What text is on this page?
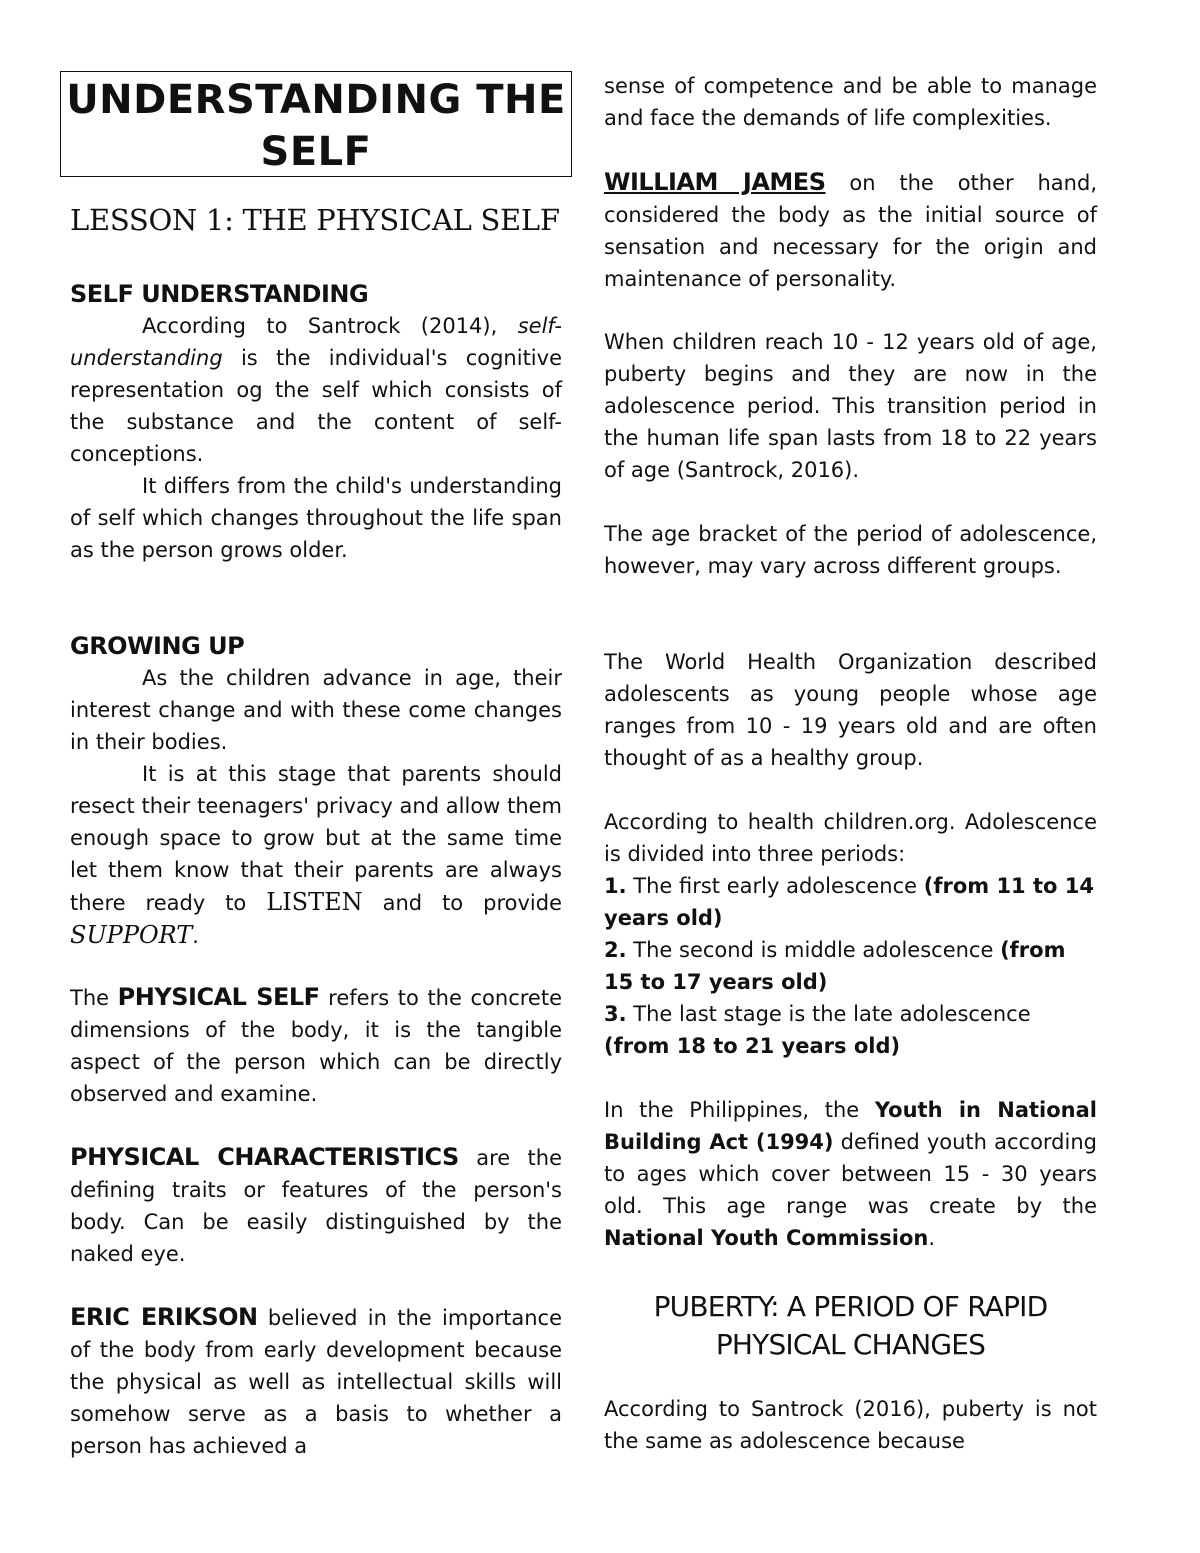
UNDERSTANDING THE SELF
LESSON 1: THE PHYSICAL SELF
SELF UNDERSTANDING

According to Santrock (2014), self-understanding is the individual's cognitive representation og the self which consists of the substance and the content of self-conceptions.

It differs from the child's understanding of self which changes throughout the life span as the person grows older.

GROWING UP

As the children advance in age, their interest change and with these come changes in their bodies.

It is at this stage that parents should resect their teenagers' privacy and allow them enough space to grow but at the same time let them know that their parents are always there ready to LISTEN and to provide SUPPORT.

The PHYSICAL SELF refers to the concrete dimensions of the body, it is the tangible aspect of the person which can be directly observed and examine.

PHYSICAL CHARACTERISTICS are the defining traits or features of the person's body. Can be easily distinguished by the naked eye.

ERIC ERIKSON believed in the importance of the body from early development because the physical as well as intellectual skills will somehow serve as a basis to whether a person has achieved a

sense of competence and be able to manage and face the demands of life complexities.

WILLIAM JAMES on the other hand, considered the body as the initial source of sensation and necessary for the origin and maintenance of personality.

When children reach 10 - 12 years old of age, puberty begins and they are now in the adolescence period. This transition period in the human life span lasts from 18 to 22 years of age (Santrock, 2016).

The age bracket of the period of adolescence, however, may vary across different groups.

The World Health Organization described adolescents as young people whose age ranges from 10 - 19 years old and are often thought of as a healthy group.

According to health children.org. Adolescence is divided into three periods:

1. The first early adolescence (from 11 to 14 years old)

2. The second is middle adolescence (from 15 to 17 years old)

3. The last stage is the late adolescence (from 18 to 21 years old)

In the Philippines, the Youth in National Building Act (1994) defined youth according to ages which cover between 15 - 30 years old. This age range was create by the National Youth Commission.

PUBERTY: A PERIOD OF RAPID PHYSICAL CHANGES

According to Santrock (2016), puberty is not the same as adolescence because
